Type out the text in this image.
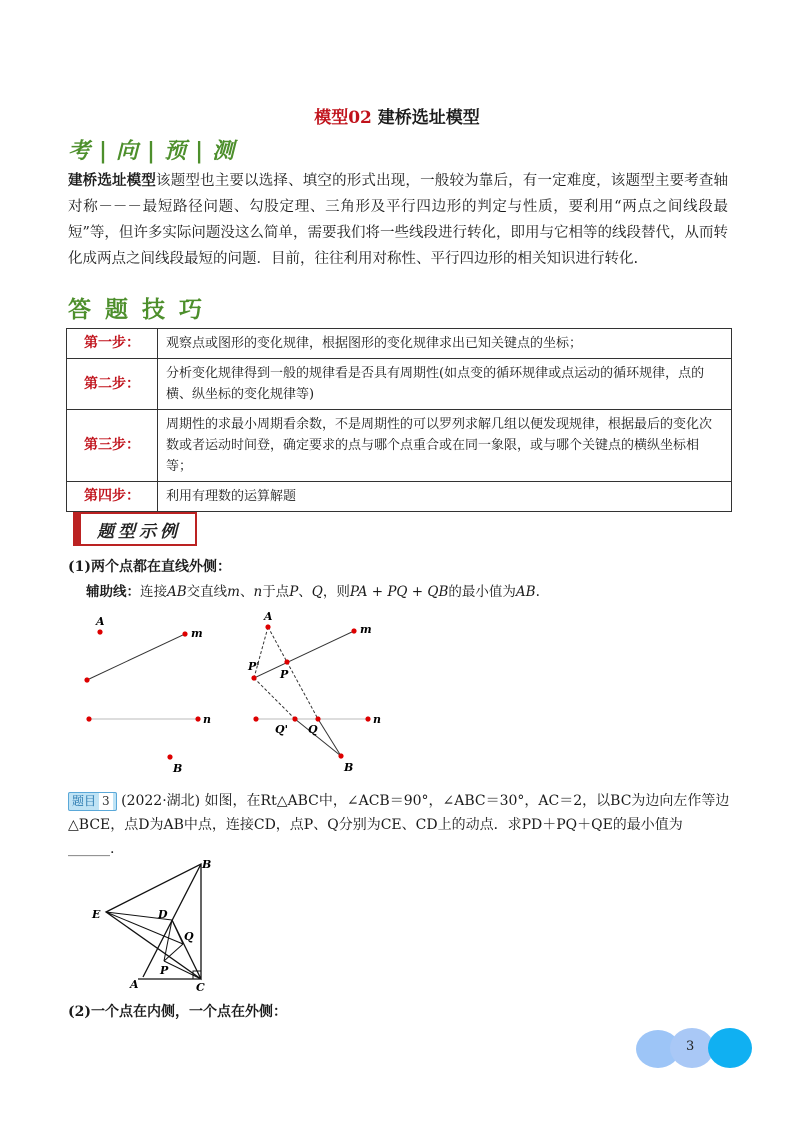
模型02 建桥选址模型
考 | 向 | 预 | 测
建桥选址模型该题型也主要以选择、填空的形式出现，一般较为靠后，有一定难度，该题型主要考查轴对称－－－最短路径问题、勾股定理、三角形及平行四边形的判定与性质，要利用“两点之间线段最短”等，但许多实际问题没这么简单，需要我们将一些线段进行转化，即用与它相等的线段替代，从而转化成两点之间线段最短的问题．目前，往往利用对称性、平行四边形的相关知识进行转化.
答题技巧
第一步：	观察点或图形的变化规律，根据图形的变化规律求出已知关键点的坐标；
第二步：	分析变化规律得到一般的规律看是否具有周期性(如点变的循环规律或点运动的循环规律，点的横、纵坐标的变化规律等)
第三步：	周期性的求最小周期看余数，不是周期性的可以罗列求解几组以便发现规律，根据最后的变化次数或者运动时间登，确定要求的点与哪个点重合或在同一象限，或与哪个关键点的横纵坐标相等；
第四步：	利用有理数的运算解题
题型示例
(1)两个点都在直线外侧：
辅助线：连接AB交直线m、n于点P、Q，则PA + PQ + QB的最小值为AB.
A
m
n
B
A
m
P'
P
Q' Q
n
B
题目 3 (2022·湖北) 如图，在Rt△ABC中，∠ACB＝90°，∠ABC＝30°，AC＝2，以BC为边向左作等边△BCE，点D为AB中点，连接CD，点P、Q分别为CE、CD上的动点．求PD＋PQ＋QE的最小值为 ______.
B
E	D
Q
P
A	C
(2)一个点在内侧，一个点在外侧：
3
